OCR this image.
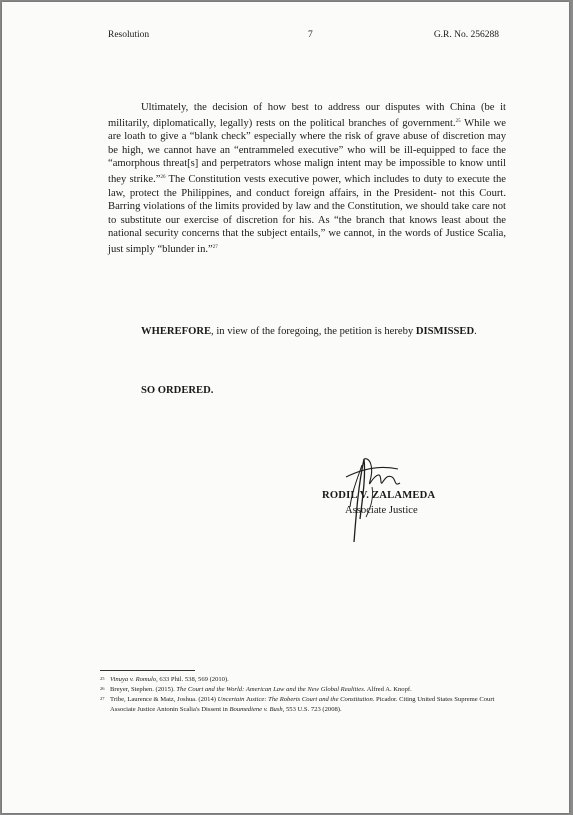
Resolution	7	G.R. No. 256288

Ultimately, the decision of how best to address our disputes with China (be it militarily, diplomatically, legally) rests on the political branches of government.$^{25}$ While we are loath to give a “blank check” especially where the risk of grave abuse of discretion may be high, we cannot have an “entrammeled executive” who will be ill-equipped to face the “amorphous threat[s] and perpetrators whose malign intent may be impossible to know until they strike.”$^{26}$ The Constitution vests executive power, which includes to duty to execute the law, protect the Philippines, and conduct foreign affairs, in the President- not this Court. Barring violations of the limits provided by law and the Constitution, we should take care not to substitute our exercise of discretion for his. As “the branch that knows least about the national security concerns that the subject entails,” we cannot, in the words of Justice Scalia, just simply “blunder in.”$^{27}$

WHEREFORE, in view of the foregoing, the petition is hereby DISMISSED.

SO ORDERED.
RODIL V. ZALAMEDA
Associate Justice

25 Vinuya v. Romulo, 633 Phil. 538, 569 (2010).

26 Breyer, Stephen. (2015). The Court and the World: American Law and the New Global Realities. Alfred A. Knopf.

27 Tribe, Laurence & Matz, Joshua. (2014) Uncertain Justice: The Roberts Court and the Constitution. Picador. Citing United States Supreme Court Associate Justice Antonin Scalia's Dissent in Boumediene v. Bush, 553 U.S. 723 (2008).
